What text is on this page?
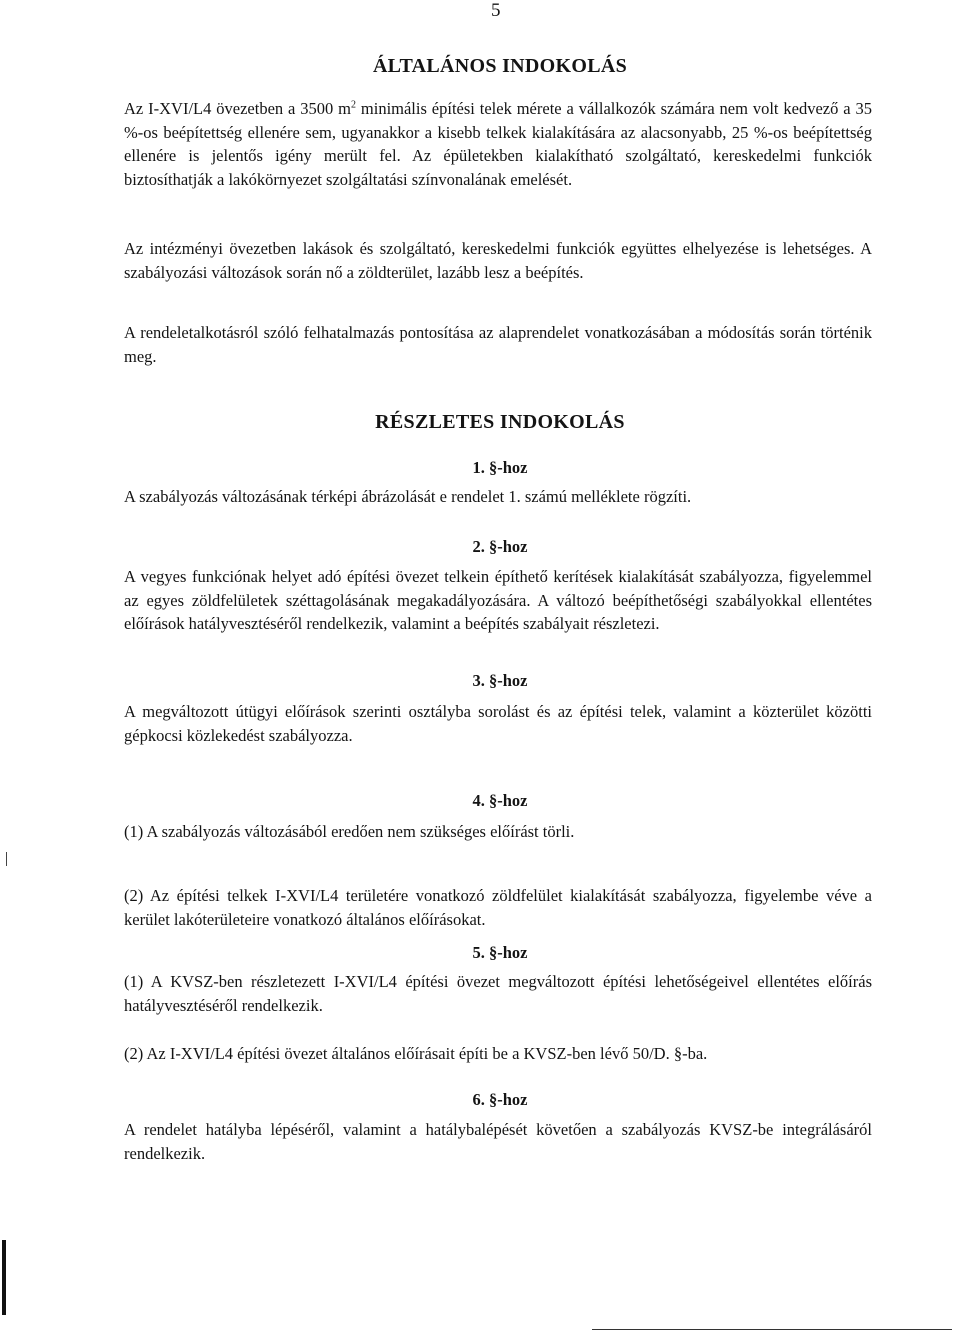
5
ÁLTALÁNOS INDOKOLÁS
Az I-XVI/L4 övezetben a 3500 $m^2$ minimális építési telek mérete a vállalkozók számára nem volt kedvező a 35 %-os beépítettség ellenére sem, ugyanakkor a kisebb telkek kialakítására az alacsonyabb, 25 %-os beépítettség ellenére is jelentős igény merült fel. Az épületekben kialakítható szolgáltató, kereskedelmi funkciók biztosíthatják a lakókörnyezet szolgáltatási színvonalának emelését.
Az intézményi övezetben lakások és szolgáltató, kereskedelmi funkciók együttes elhelyezése is lehetséges. A szabályozási változások során nő a zöldterület, lazább lesz a beépítés.
A rendeletalkotásról szóló felhatalmazás pontosítása az alaprendelet vonatkozásában a módosítás során történik meg.
RÉSZLETES INDOKOLÁS
1. §-hoz
A szabályozás változásának térképi ábrázolását e rendelet 1. számú melléklete rögzíti.
2. §-hoz
A vegyes funkciónak helyet adó építési övezet telkein építhető kerítések kialakítását szabályozza, figyelemmel az egyes zöldfelületek széttagolásának megakadályozására. A változó beépíthetőségi szabályokkal ellentétes előírások hatályvesztéséről rendelkezik, valamint a beépítés szabályait részletezi.
3. §-hoz
A megváltozott útügyi előírások szerinti osztályba sorolást és az építési telek, valamint a közterület közötti gépkocsi közlekedést szabályozza.
4. §-hoz
(1) A szabályozás változásából eredően nem szükséges előírást törli.
(2) Az építési telkek I-XVI/L4 területére vonatkozó zöldfelület kialakítását szabályozza, figyelembe véve a kerület lakóterületeire vonatkozó általános előírásokat.
5. §-hoz
(1) A KVSZ-ben részletezett I-XVI/L4 építési övezet megváltozott építési lehetőségeivel ellentétes előírás hatályvesztéséről rendelkezik.
(2) Az I-XVI/L4 építési övezet általános előírásait építi be a KVSZ-ben lévő 50/D. §-ba.
6. §-hoz
A rendelet hatályba lépéséről, valamint a hatálybalépését követően a szabályozás KVSZ-be integrálásáról rendelkezik.
